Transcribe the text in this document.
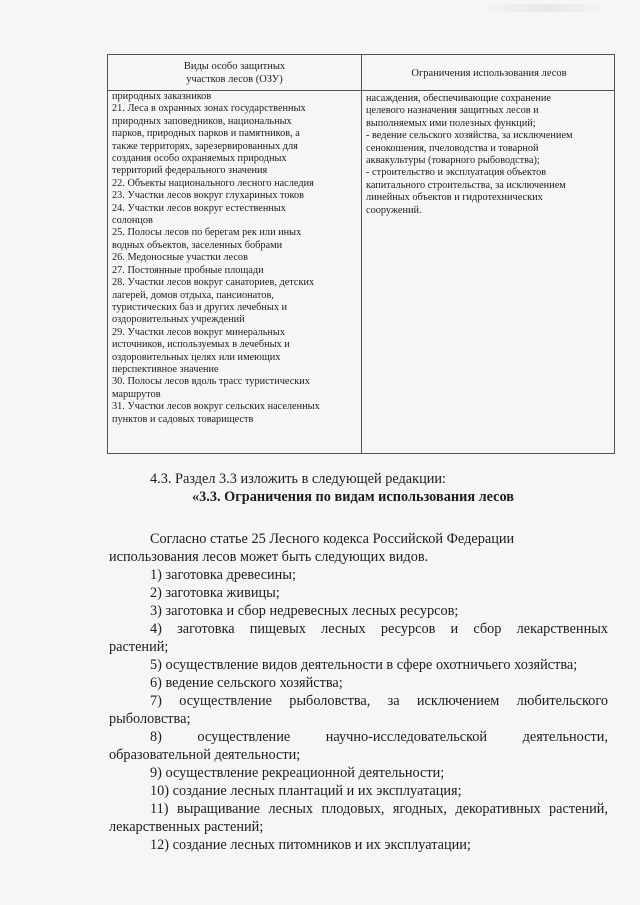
Виды особо защитных
участков лесов (ОЗУ)
Ограничения использования лесов
природных заказников
21. Леса в охранных зонах государственных
природных заповедников, национальных
парков, природных парков и памятников, а
также территорях, зарезервированных для
создания особо охраняемых природных
территорий федерального значения
22. Объекты национального лесного наследия
23. Участки лесов вокруг глухариных токов
24. Участки лесов вокруг естественных
солонцов
25. Полосы лесов по берегам рек или иных
водных объектов, заселенных бобрами
26. Медоносные участки лесов
27. Постоянные пробные площади
28. Участки лесов вокруг санаториев, детских
лагерей, домов отдыха, пансионатов,
туристических баз и других лечебных и
оздоровительных учреждений
29. Участки лесов вокруг минеральных
источников, используемых в лечебных и
оздоровительных целях или имеющих
перспективное значение
30. Полосы лесов вдоль трасс туристических
маршрутов
31. Участки лесов вокруг сельских населенных
пунктов и садовых товариществ
насаждения, обеспечивающие сохранение
целевого назначения защитных лесов и
выполняемых ими полезных функций;
- ведение сельского хозяйства, за исключением
сенокошения, пчеловодства и товарной
аквакультуры (товарного рыбоводства);
- строительство и эксплуатация объектов
капитального строительства, за исключением
линейных объектов и гидротехнических
сооружений.
4.3. Раздел 3.3 изложить в следующей редакции:
«3.3. Ограничения по видам использования лесов
Согласно статье 25 Лесного кодекса Российской Федерации
использования лесов может быть следующих видов.
1) заготовка древесины;
2) заготовка живицы;
3) заготовка и сбор недревесных лесных ресурсов;
4) заготовка пищевых лесных ресурсов и сбор лекарственных
растений;
5) осуществление видов деятельности в сфере охотничьего хозяйства;
6) ведение сельского хозяйства;
7) осуществление рыболовства, за исключением любительского
рыболовства;
8) осуществление научно-исследовательской деятельности,
образовательной деятельности;
9) осуществление рекреационной деятельности;
10) создание лесных плантаций и их эксплуатация;
11) выращивание лесных плодовых, ягодных, декоративных растений,
лекарственных растений;
12) создание лесных питомников и их эксплуатации;
